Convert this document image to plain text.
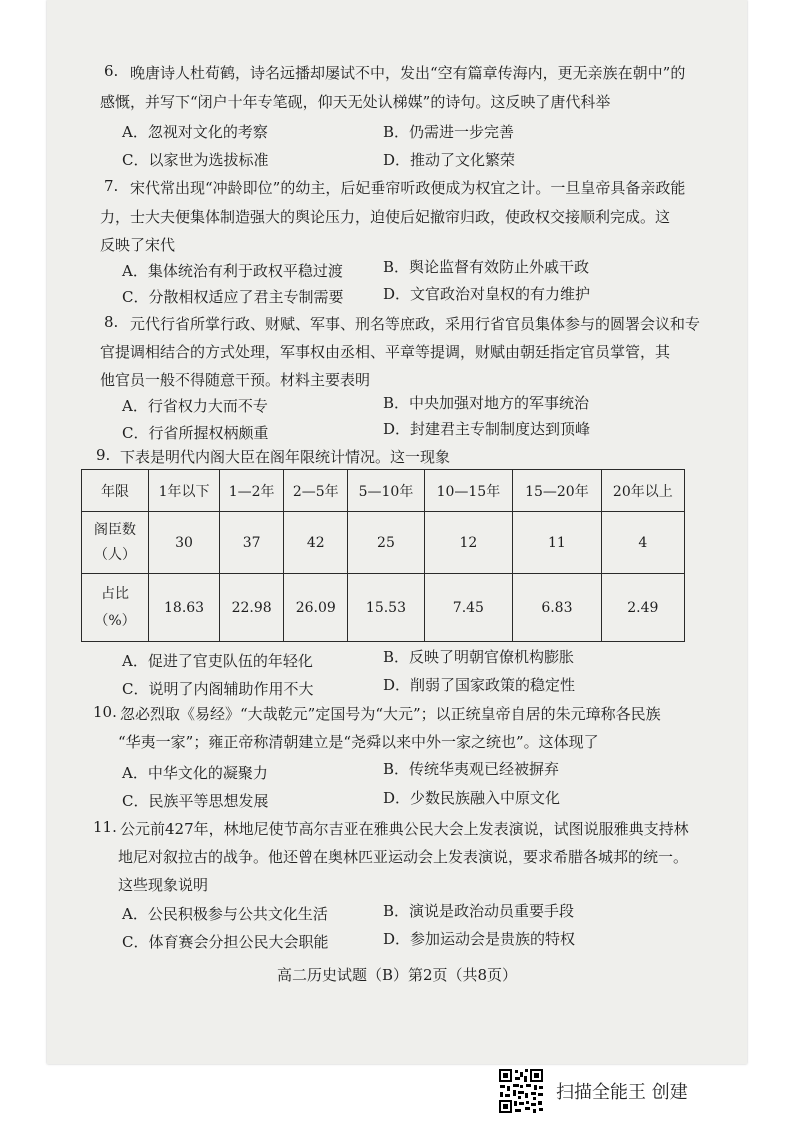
6. 晚唐诗人杜荀鹤，诗名远播却屡试不中，发出“空有篇章传海内，更无亲族在朝中”的
感慨，并写下“闭户十年专笔砚，仰天无处认梯媒”的诗句。这反映了唐代科举
A．忽视对文化的考察	B．仍需进一步完善
C．以家世为选拔标准	D．推动了文化繁荣
7. 宋代常出现“冲龄即位”的幼主，后妃垂帘听政便成为权宜之计。一旦皇帝具备亲政能
力，士大夫便集体制造强大的舆论压力，迫使后妃撤帘归政，使政权交接顺利完成。这
反映了宋代
A．集体统治有利于政权平稳过渡	B．舆论监督有效防止外戚干政
C．分散相权适应了君主专制需要	D．文官政治对皇权的有力维护
8. 元代行省所掌行政、财赋、军事、刑名等庶政，采用行省官员集体参与的圆署会议和专
官提调相结合的方式处理，军事权由丞相、平章等提调，财赋由朝廷指定官员掌管，其
他官员一般不得随意干预。材料主要表明
A．行省权力大而不专	B．中央加强对地方的军事统治
C．行省所握权柄颇重	D．封建君主专制制度达到顶峰
9. 下表是明代内阁大臣在阁年限统计情况。这一现象
年限	1年以下	1—2年	2—5年	5—10年	10—15年	15—20年	20年以上
阁臣数
（人）	30	37	42	25	12	11	4
占比
（%）	18.63	22.98	26.09	15.53	7.45	6.83	2.49
A．促进了官吏队伍的年轻化	B．反映了明朝官僚机构膨胀
C．说明了内阁辅助作用不大	D．削弱了国家政策的稳定性
10. 忽必烈取《易经》“大哉乾元”定国号为“大元”；以正统皇帝自居的朱元璋称各民族
“华夷一家”；雍正帝称清朝建立是“尧舜以来中外一家之统也”。这体现了
A．中华文化的凝聚力	B．传统华夷观已经被摒弃
C．民族平等思想发展	D．少数民族融入中原文化
11. 公元前427年，林地尼使节高尔吉亚在雅典公民大会上发表演说，试图说服雅典支持林
地尼对叙拉古的战争。他还曾在奥林匹亚运动会上发表演说，要求希腊各城邦的统一。
这些现象说明
A．公民积极参与公共文化生活	B．演说是政治动员重要手段
C．体育赛会分担公民大会职能	D．参加运动会是贵族的特权
高二历史试题（B）第2页（共8页）
扫描全能王 创建
